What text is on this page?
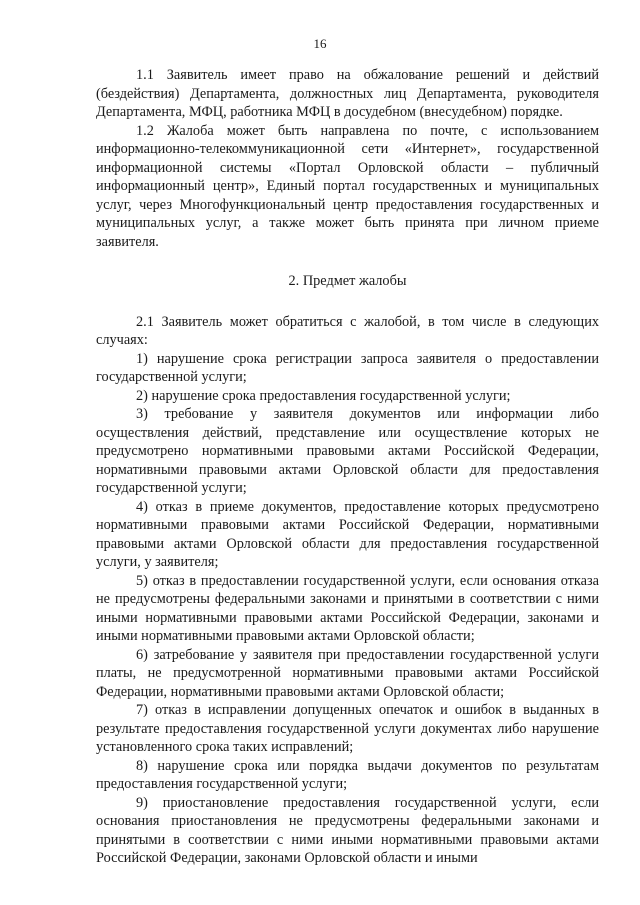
16

1.1 Заявитель имеет право на обжалование решений и действий (бездействия) Департамента, должностных лиц Департамента, руководителя Департамента, МФЦ, работника МФЦ в досудебном (внесудебном) порядке.

1.2 Жалоба может быть направлена по почте, с использованием информационно-телекоммуникационной сети «Интернет», государственной информационной системы «Портал Орловской области – публичный информационный центр», Единый портал государственных и муниципальных услуг, через Многофункциональный центр предоставления государственных и муниципальных услуг, а также может быть принята при личном приеме заявителя.

2. Предмет жалобы

2.1 Заявитель может обратиться с жалобой, в том числе в следующих случаях:

1) нарушение срока регистрации запроса заявителя о предоставлении государственной услуги;

2) нарушение срока предоставления государственной услуги;

3) требование у заявителя документов или информации либо осуществления действий, представление или осуществление которых не предусмотрено нормативными правовыми актами Российской Федерации, нормативными правовыми актами Орловской области для предоставления государственной услуги;

4) отказ в приеме документов, предоставление которых предусмотрено нормативными правовыми актами Российской Федерации, нормативными правовыми актами Орловской области для предоставления государственной услуги, у заявителя;

5) отказ в предоставлении государственной услуги, если основания отказа не предусмотрены федеральными законами и принятыми в соответствии с ними иными нормативными правовыми актами Российской Федерации, законами и иными нормативными правовыми актами Орловской области;

6) затребование у заявителя при предоставлении государственной услуги платы, не предусмотренной нормативными правовыми актами Российской Федерации, нормативными правовыми актами Орловской области;

7) отказ в исправлении допущенных опечаток и ошибок в выданных в результате предоставления государственной услуги документах либо нарушение установленного срока таких исправлений;

8) нарушение срока или порядка выдачи документов по результатам предоставления государственной услуги;

9) приостановление предоставления государственной услуги, если основания приостановления не предусмотрены федеральными законами и принятыми в соответствии с ними иными нормативными правовыми актами Российской Федерации, законами Орловской области и иными
